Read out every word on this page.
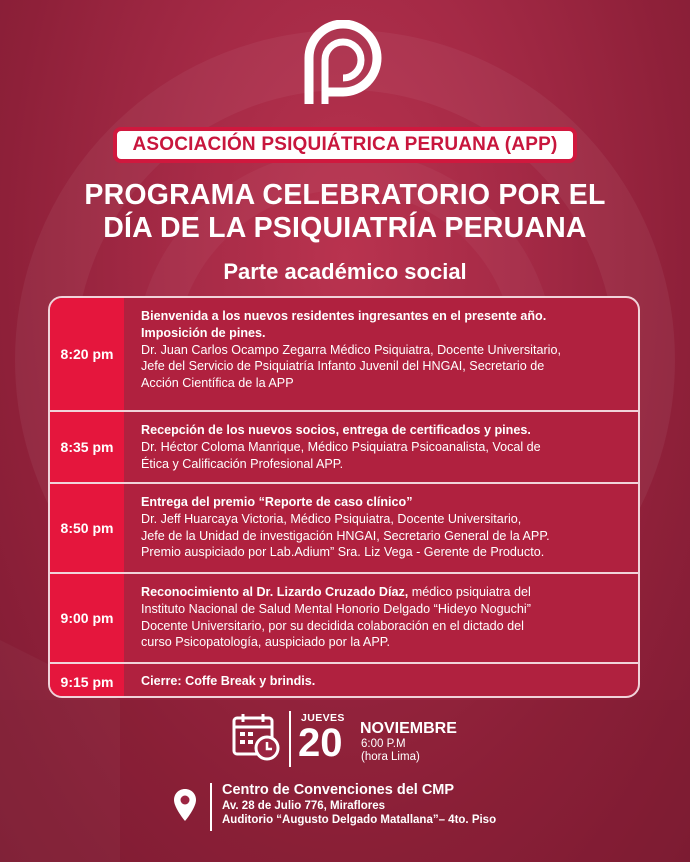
ASOCIACIÓN PSIQUIÁTRICA PERUANA (APP)
PROGRAMA CELEBRATORIO POR EL
DÍA DE LA PSIQUIATRÍA PERUANA
Parte académico social
8:20 pm
Bienvenida a los nuevos residentes ingresantes en el presente año.
Imposición de pines.
Dr. Juan Carlos Ocampo Zegarra Médico Psiquiatra, Docente Universitario,
Jefe del Servicio de Psiquiatría Infanto Juvenil del HNGAI, Secretario de
Acción Científica de la APP
8:35 pm
Recepción de los nuevos socios, entrega de certificados y pines.
Dr. Héctor Coloma Manrique, Médico Psiquiatra Psicoanalista, Vocal de
Ética y Calificación Profesional APP.
8:50 pm
Entrega del premio “Reporte de caso clínico”
Dr. Jeff Huarcaya Victoria, Médico Psiquiatra, Docente Universitario,
Jefe de la Unidad de investigación HNGAI, Secretario General de la APP.
Premio auspiciado por Lab.Adium” Sra. Liz Vega - Gerente de Producto.
9:00 pm
Reconocimiento al Dr. Lizardo Cruzado Díaz, médico psiquiatra del
Instituto Nacional de Salud Mental Honorio Delgado “Hideyo Noguchi”
Docente Universitario, por su decidida colaboración en el dictado del
curso Psicopatología, auspiciado por la APP.
9:15 pm	Cierre: Coffe Break y brindis.
JUEVES
20 NOVIEMBRE
6:00 P.M
(hora Lima)
Centro de Convenciones del CMP
Av. 28 de Julio 776, Miraflores
Auditorio “Augusto Delgado Matallana”– 4to. Piso
